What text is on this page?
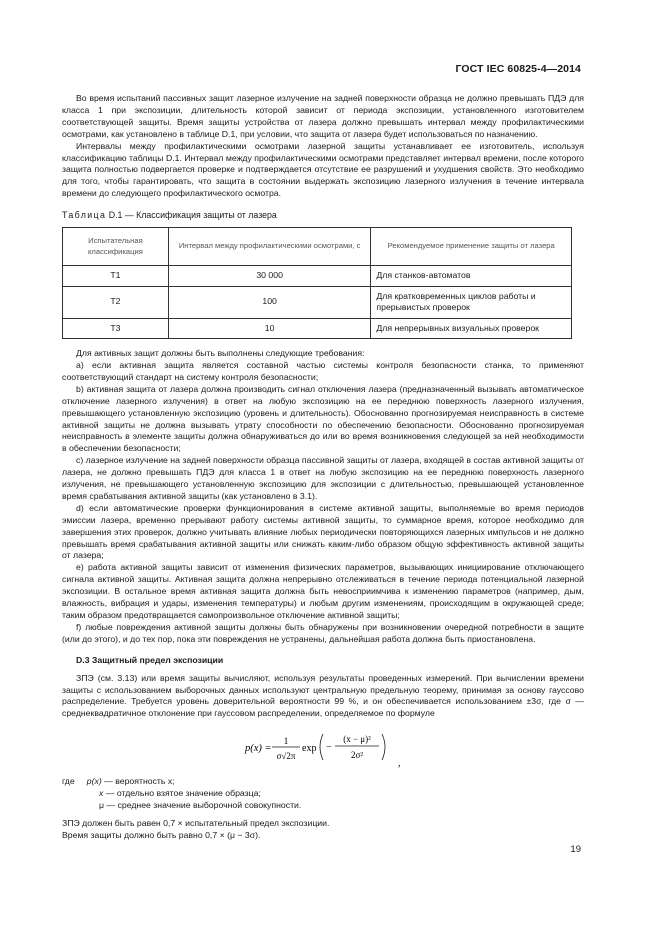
ГОСТ IEC 60825-4—2014

Во время испытаний пассивных защит лазерное излучение на задней поверхности образца не должно превышать ПДЭ для класса 1 при экспозиции, длительность которой зависит от периода экспозиции, установленного изготовителем соответствующей защиты. Время защиты устройства от лазера должно превышать интервал между профилактическими осмотрами, как установлено в таблице D.1, при условии, что защита от лазера будет использоваться по назначению.

Интервалы между профилактическими осмотрами лазерной защиты устанавливает ее изготовитель, используя классификацию таблицы D.1. Интервал между профилактическими осмотрами представляет интервал времени, после которого защита полностью подвергается проверке и подтверждается отсутствие ее разрушений и ухудшения свойств. Это необходимо для того, чтобы гарантировать, что защита в состоянии выдержать экспозицию лазерного излучения в течение интервала времени до следующего профилактического осмотра.

Таблица D.1 — Классификация защиты от лазера

Испытательная классификация	Интервал между профилактическими осмотрами, с	Рекомендуемое применение защиты от лазера
T1	30 000	Для станков-автоматов
T2	100	Для кратковременных циклов работы и прерывистых проверок
T3	10	Для непрерывных визуальных проверок

Для активных защит должны быть выполнены следующие требования:

a) если активная защита является составной частью системы контроля безопасности станка, то применяют соответствующий стандарт на систему контроля безопасности;

b) активная защита от лазера должна производить сигнал отключения лазера (предназначенный вызывать автоматическое отключение лазерного излучения) в ответ на любую экспозицию на ее переднюю поверхность лазерного излучения, превышающего установленную экспозицию (уровень и длительность). Обоснованно прогнозируемая неисправность в системе активной защиты не должна вызывать утрату способности по обеспечению безопасности. Обоснованно прогнозируемая неисправность в элементе защиты должна обнаруживаться до или во время возникновения следующей за ней необходимости в обеспечении безопасности;

c) лазерное излучение на задней поверхности образца пассивной защиты от лазера, входящей в состав активной защиты от лазера, не должно превышать ПДЭ для класса 1 в ответ на любую экспозицию на ее переднюю поверхность лазерного излучения, не превышающего установленную экспозицию для экспозиции с длительностью, превышающей установленное время срабатывания активной защиты (как установлено в 3.1).

d) если автоматические проверки функционирования в системе активной защиты, выполняемые во время периодов эмиссии лазера, временно прерывают работу системы активной защиты, то суммарное время, которое необходимо для завершения этих проверок, должно учитывать влияние любых периодически повторяющихся лазерных импульсов и не должно превышать время срабатывания активной защиты или снижать каким-либо образом общую эффективность активной защиты от лазера;

e) работа активной защиты зависит от изменения физических параметров, вызывающих инициирование отключающего сигнала активной защиты. Активная защита должна непрерывно отслеживаться в течение периода потенциальной лазерной экспозиции. В остальное время активная защита должна быть невосприимчива к изменению параметров (например, дым, влажность, вибрация и удары, изменения температуры) и любым другим изменениям, происходящим в окружающей среде; таким образом предотвращается самопроизвольное отключение активной защиты;

f) любые повреждения активной защиты должны быть обнаружены при возникновении очередной потребности в защите (или до этого), и до тех пор, пока эти повреждения не устранены, дальнейшая работа должна быть приостановлена.

D.3 Защитный предел экспозиции

ЗПЭ (см. 3.13) или время защиты вычисляют, используя результаты проведенных измерений. При вычислении времени защиты с использованием выборочных данных используют центральную предельную теорему, принимая за основу гауссово распределение. Требуется уровень доверительной вероятности 99 %, и он обеспечивается использованием ±3σ, где σ — среднеквадратичное отклонение при гауссовом распределении, определяемое по формуле

p(x) =
1
σ√2π
exp −
(x − μ)²
2σ²
,

где p(x) — вероятность x;

x — отдельно взятое значение образца;

μ — среднее значение выборочной совокупности.

ЗПЭ должен быть равен 0,7 × испытательный предел экспозиции.

Время защиты должно быть равно 0,7 × (μ − 3σ).

19
